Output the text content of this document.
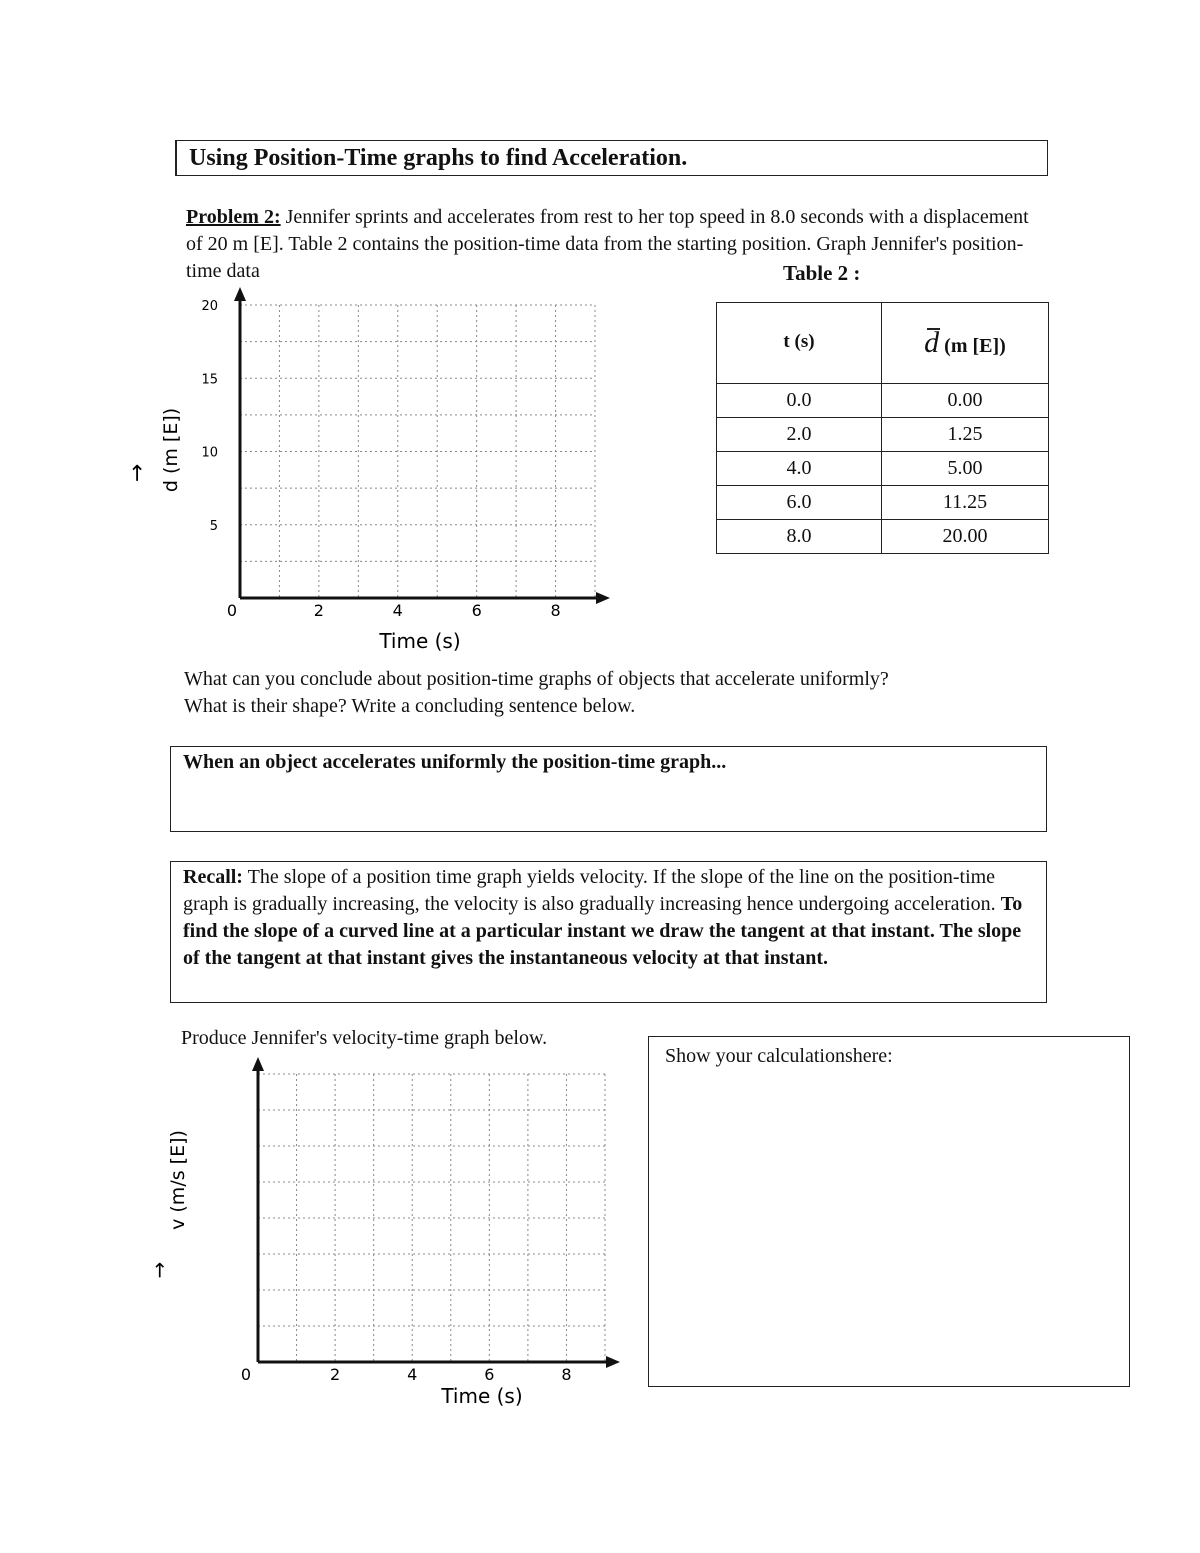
Using Position-Time graphs to find Acceleration.
Problem 2: Jennifer sprints and accelerates from rest to her top speed in 8.0 seconds with a displacement of 20 m [E]. Table 2 contains the position-time data from the starting position. Graph Jennifer's position-time data	Table 2 :
t (s)	d (m [E])
0.0	0.00
2.0	1.25
4.0	5.00
6.0	11.25
8.0	20.00
0	2	4	6	8
5
10
15
20
Time (s)
d (m [E])
→
What can you conclude about position-time graphs of objects that accelerate uniformly?
What is their shape? Write a concluding sentence below.
When an object accelerates uniformly the position-time graph...
Recall: The slope of a position time graph yields velocity. If the slope of the line on the position-time graph is gradually increasing, the velocity is also gradually increasing hence undergoing acceleration. To find the slope of a curved line at a particular instant we draw the tangent at that instant. The slope of the tangent at that instant gives the instantaneous velocity at that instant.
Produce Jennifer's velocity-time graph below.
0	2	4	6	8
Time (s)
v (m/s [E])
→
Show your calculationshere:
